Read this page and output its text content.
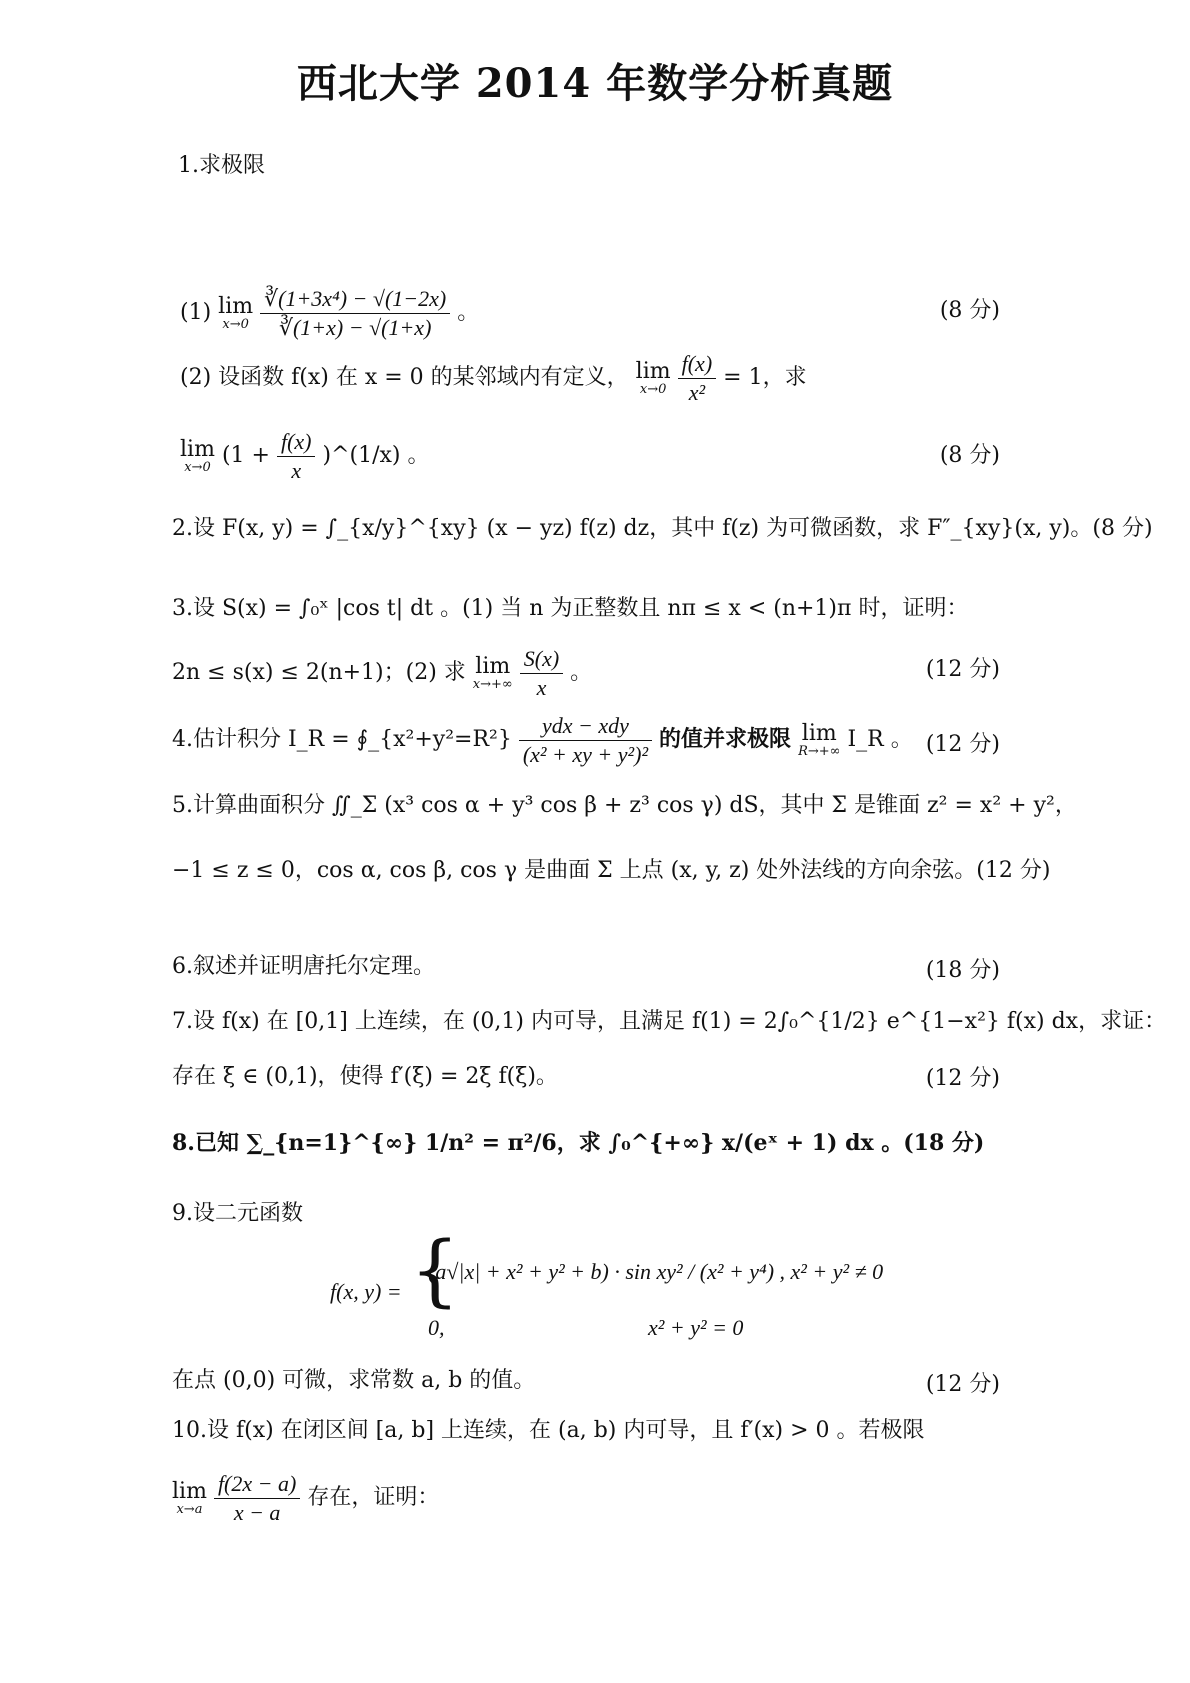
西北大学 2014 年数学分析真题
1.求极限
(1) lim
x→0
$\frac{\text{∛(1+3x⁴) − √(1−2x)}}{∛(1+x) - √(1+x)}$ 。	(8 分)
(2) 设函数 f(x) 在 x = 0 的某邻域内有定义， lim
x→0
$\frac{f(x)}{\text{x²}} = 1$，求
lim
x→0 ($1 + \frac{f(x)}{x}$ )^(1/x) 。	(8 分)
2.设 F(x, y) = ∫_{x/y}^{xy} (x − yz) f(z) dz，其中 f(z) 为可微函数，求 F″_{xy}(x, y)。(8 分)
3.设 S(x) = ∫₀ˣ |cos t| dt 。(1) 当 n 为正整数且 nπ ≤ x < (n+1)π 时，证明：
2n ≤ s(x) ≤ 2(n+1)；(2) 求 lim
x→+∞
$\frac{S(x)}{x}$ 。	(12 分)
4.估计积分 I_R = ∮_{x²+y²=R²} $\frac{\text{ydx − xdy}}{\text{(x² + xy + y²)²}}$ 的值并求极限 lim
R→+∞ I_R 。 (12 分)
5.计算曲面积分 ∬_Σ (x³ cos α + y³ cos β + z³ cos γ) dS，其中 Σ 是锥面 z² = x² + y²，
−1 ≤ z ≤ 0，cos α, cos β, cos γ 是曲面 Σ 上点 (x, y, z) 处外法线的方向余弦。(12 分)
6.叙述并证明唐托尔定理。	(18 分)
7.设 f(x) 在 [0,1] 上连续，在 (0,1) 内可导，且满足 f(1) = 2∫₀^{1/2} e^{1−x²} f(x) dx，求证：
存在 ξ ∈ (0,1)，使得 f′(ξ) = 2ξ f(ξ)。	(12 分)
8.已知 ∑_{n=1}^{∞} 1/n² = π²/6，求 ∫₀^{+∞} x/(eˣ + 1) dx 。(18 分)
9.设二元函数
f(x, y) = {
(a√|x| + x² + y² + b) · sin xy² / (x² + y⁴) , x² + y² ≠ 0
0,	x² + y² = 0
在点 (0,0) 可微，求常数 a, b 的值。	(12 分)
10.设 f(x) 在闭区间 [a, b] 上连续，在 (a, b) 内可导，且 f′(x) > 0 。若极限
lim
x→a
$\frac{f(2x - a)}{x - a}$ 存在，证明：
